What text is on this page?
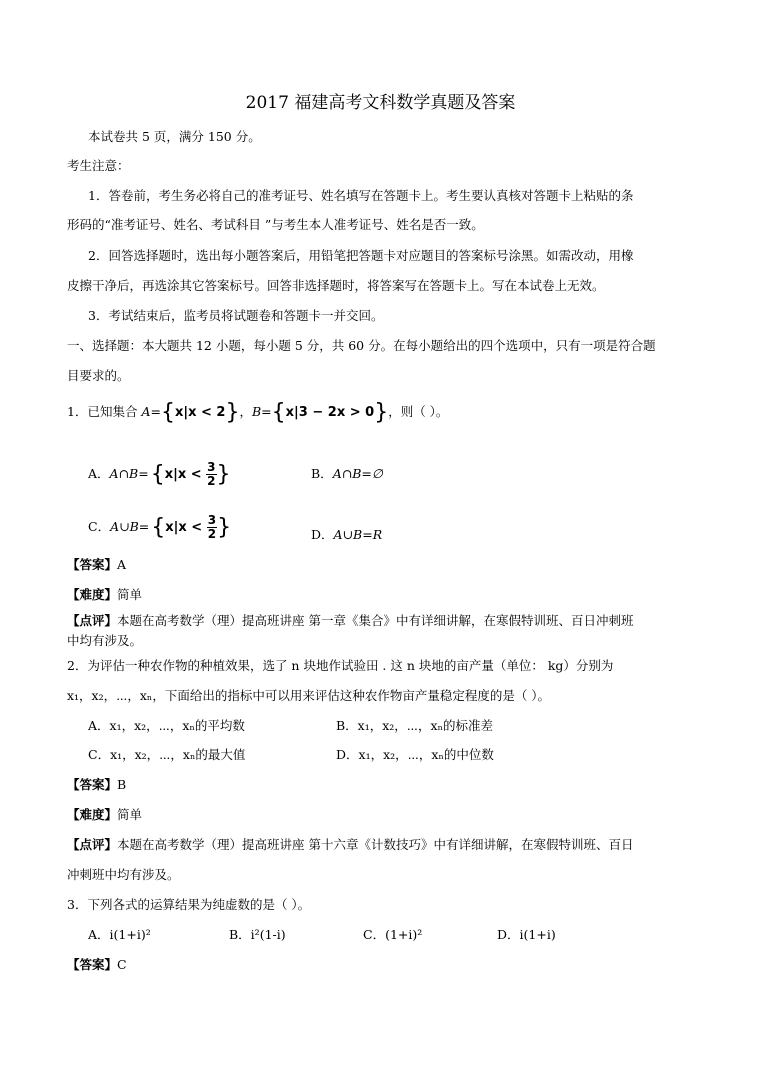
2017 福建高考文科数学真题及答案
本试卷共 5 页，满分 150 分。
考生注意：
1．答卷前，考生务必将自己的准考证号、姓名填写在答题卡上。考生要认真核对答题卡上粘贴的条
形码的“准考证号、姓名、考试科目 ”与考生本人准考证号、姓名是否一致。
2．回答选择题时，选出每小题答案后，用铅笔把答题卡对应题目的答案标号涂黑。如需改动，用橡
皮擦干净后，再选涂其它答案标号。回答非选择题时，将答案写在答题卡上。写在本试卷上无效。
3．考试结束后，监考员将试题卷和答题卡一并交回。
一、选择题：本大题共 12 小题，每小题 5 分，共 60 分。在每小题给出的四个选项中，只有一项是符合题
目要求的。
1．已知集合 A={x|x < 2}，B={x|3 − 2x > 0}，则（ ）。
A．A∩B={x|x < $\frac{3}{2}$ }	B．A∩B=∅
C．A∪B={x|x < $\frac{3}{2}$ }	D．A∪B=R
【答案】A
【难度】简单
【点评】本题在高考数学（理）提高班讲座 第一章《集合》中有详细讲解，在寒假特训班、百日冲刺班
中均有涉及。
2．为评估一种农作物的种植效果，选了 n 块地作试验田 . 这 n 块地的亩产量（单位： kg）分别为
x₁，x₂，⋯，xₙ，下面给出的指标中可以用来评估这种农作物亩产量稳定程度的是（ ）。
A．x₁，x₂，⋯，xₙ的平均数	B．x₁，x₂，⋯，xₙ的标准差
C．x₁，x₂，⋯，xₙ的最大值	D．x₁，x₂，⋯，xₙ的中位数
【答案】B
【难度】简单
【点评】本题在高考数学（理）提高班讲座 第十六章《计数技巧》中有详细讲解，在寒假特训班、百日
冲刺班中均有涉及。
3．下列各式的运算结果为纯虚数的是（ ）。
A．i(1+i)²	B．i²(1-i)	C．(1+i)²	D．i(1+i)
【答案】C
